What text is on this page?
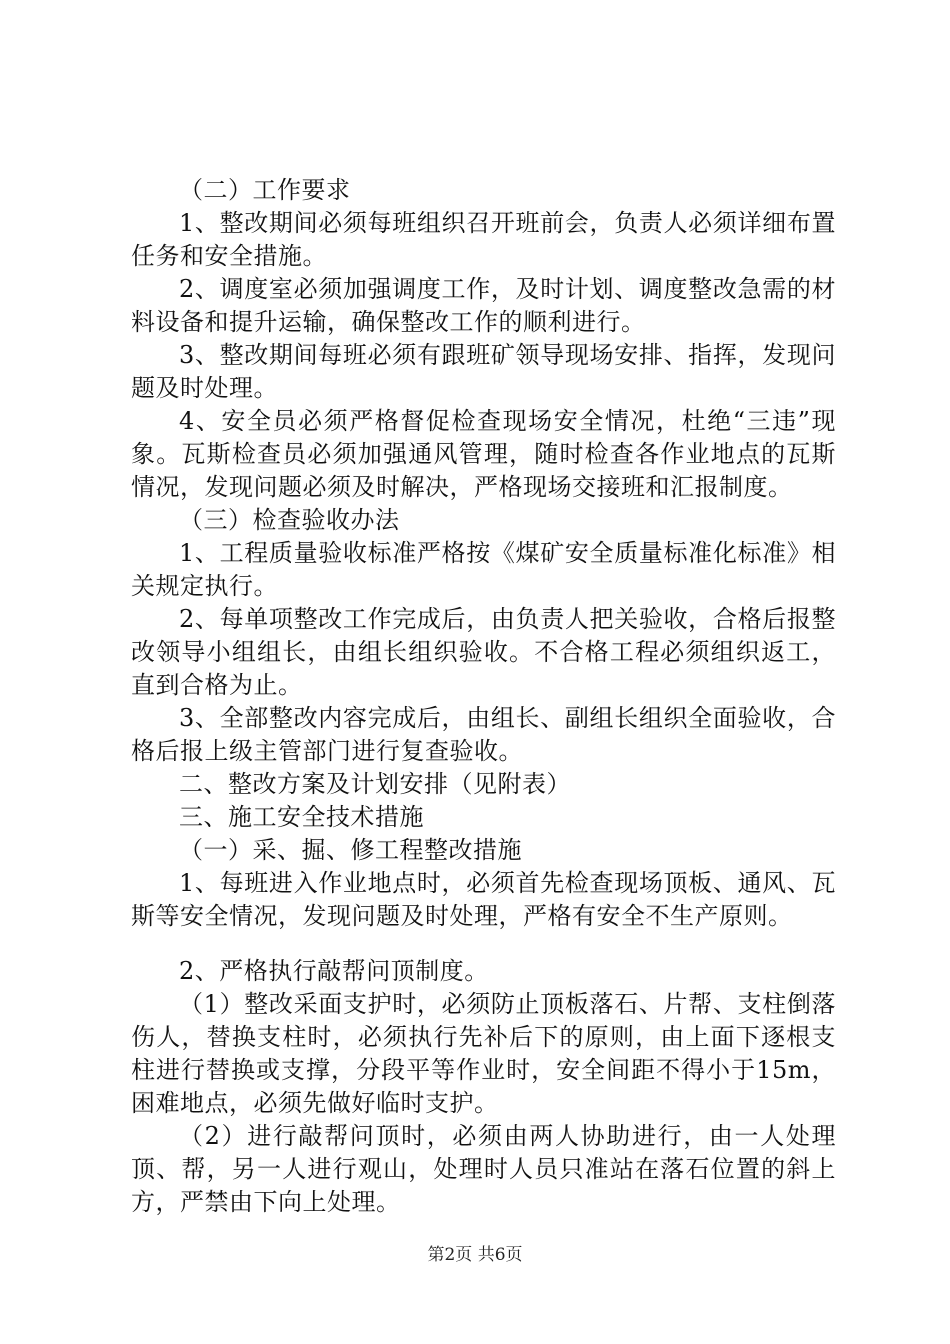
（二）工作要求

1、整改期间必须每班组织召开班前会，负责人必须详细布置任务和安全措施。

2、调度室必须加强调度工作，及时计划、调度整改急需的材料设备和提升运输，确保整改工作的顺利进行。

3、整改期间每班必须有跟班矿领导现场安排、指挥，发现问题及时处理。

4、安全员必须严格督促检查现场安全情况，杜绝“三违”现象。瓦斯检查员必须加强通风管理，随时检查各作业地点的瓦斯情况，发现问题必须及时解决，严格现场交接班和汇报制度。

（三）检查验收办法

1、工程质量验收标准严格按《煤矿安全质量标准化标准》相关规定执行。

2、每单项整改工作完成后，由负责人把关验收，合格后报整改领导小组组长，由组长组织验收。不合格工程必须组织返工，直到合格为止。

3、全部整改内容完成后，由组长、副组长组织全面验收，合格后报上级主管部门进行复查验收。

二、整改方案及计划安排（见附表）

三、施工安全技术措施

（一）采、掘、修工程整改措施

1、每班进入作业地点时，必须首先检查现场顶板、通风、瓦斯等安全情况，发现问题及时处理，严格有安全不生产原则。

2、严格执行敲帮问顶制度。

（1）整改采面支护时，必须防止顶板落石、片帮、支柱倒落伤人，替换支柱时，必须执行先补后下的原则，由上面下逐根支柱进行替换或支撑，分段平等作业时，安全间距不得小于15m，困难地点，必须先做好临时支护。

（2）进行敲帮问顶时，必须由两人协助进行，由一人处理顶、帮，另一人进行观山，处理时人员只准站在落石位置的斜上方，严禁由下向上处理。

第2页 共6页
